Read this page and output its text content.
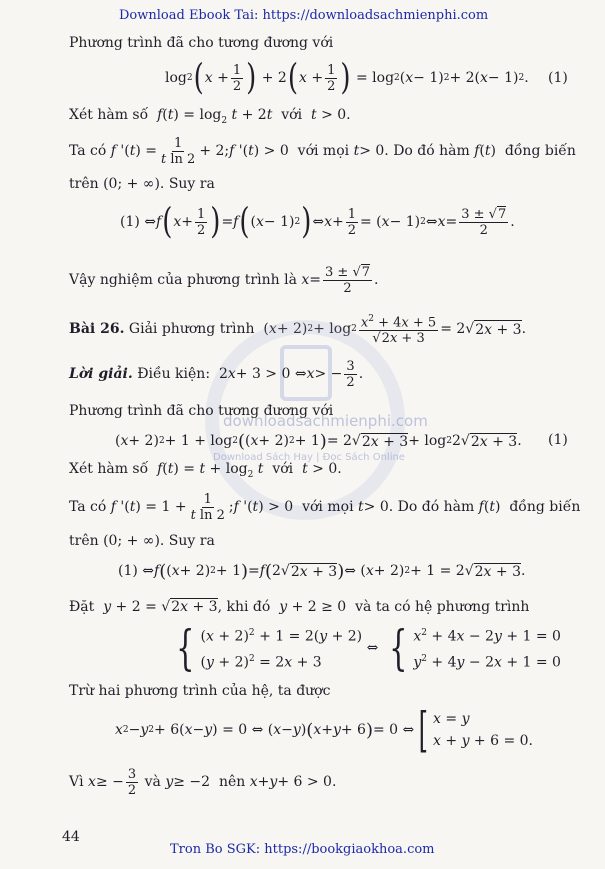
Download Ebook Tai: https://downloadsachmienphi.com
Phương trình đã cho tương đương với
log 2 ( $x + \frac{1}{2}$ ) + 2 ( $x + \frac{1}{2}$ ) = log 2 ( x − 1) 2 + 2( x − 1) 2 . (1)
Xét hàm số $f(t) = \log_2 t + 2t$ với t > 0.
Ta có
f '( t ) = $\frac{1}{\text{t ln 2}} + 2$; f '( t ) > 0 với mọi
t > 0 . Do đó hàm
f ( t ) đồng biến
trên (0; + ∞). Suy ra
(1) ⇔ f ( $x + \frac{1}{2}$ ) = f ( ( x − 1) 2 ) ⇔ $x + \frac{1}{2}$ = ( x − 1) 2 ⇔ $x = \frac{3 \pm √7}{2}$ .
Vậy nghiệm của phương trình là
$x = \frac{3 \pm √7}{2}$ .
Bài 26.
Giải phương trình ( x + 2) $2 + \log 2 \frac{x^2 + 4x + 5}{√2x + 3} = 2√$ 2x + 3 .
downloadsachmienphi.com
Download Sách Hay | Đọc Sách Online
Lời giải.
Điều kiện: 2 x + 3 > 0 ⇔ x > − $\frac{3}{2}$ .
Phương trình đã cho tương đương với
( x + 2) 2 + 1 + log 2 ( ( x + 2) 2 + 1 ) = 2√ 2x + 3 + log 2 2√ 2x + 3 . (1)
Xét hàm số $f(t) = t + \log_2 t$ với t > 0.
Ta có
f '( t ) = $1 + \frac{1}{\text{t ln 2}}$ ; f '( t ) > 0 với mọi
t > 0 . Do đó hàm
f ( t ) đồng biến
trên (0; + ∞). Suy ra
(1) ⇔ f ( ( x + 2) 2 + 1 ) = f ( 2√ 2x + 3 ) ⇔ ( x + 2) 2 + 1 = 2√ 2x + 3 .
Đặt y + 2 = √2x + 3, khi đó y + 2 ≥ 0  và ta có hệ phương trình
{ $(x + 2)^2 + 1 = 2(y + 2)$
$(y + 2)^2 = 2x + 3$
⇔ { $x^2 + 4x - 2y + 1 = 0$
$y^2 + 4y - 2x + 1 = 0$
Trừ hai phương trình của hệ, ta được
x 2 − y 2 + 6( x − y ) = 0 ⇔ ( x − y ) ( x + y + 6 ) = 0 ⇔ [ x = y
x + y + 6 = 0.
Vì
x ≥ − $\frac{3}{2}$
và
y ≥ −2 nên
x + y + 6 > 0.
44
Tron Bo SGK: https://bookgiaokhoa.com
